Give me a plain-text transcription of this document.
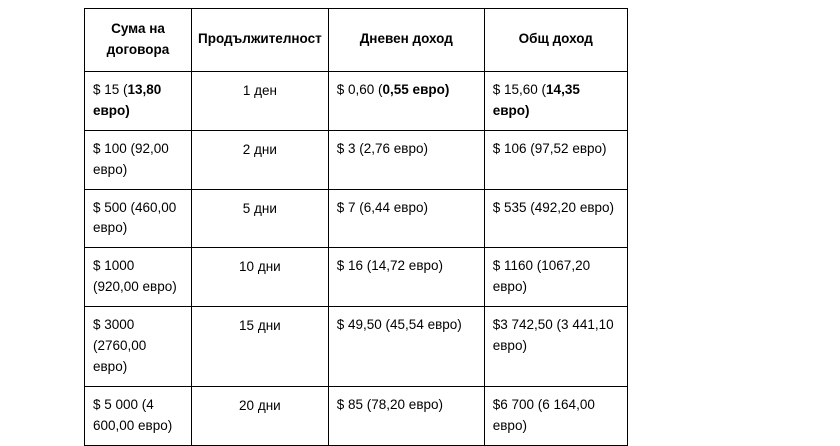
Сума на договора	Продължителност	Дневен доход	Общ доход
$ 15 (13,80 евро)	1 ден	$ 0,60 (0,55 евро)	$ 15,60 (14,35 евро)
$ 100 (92,00 евро)	2 дни	$ 3 (2,76 евро)	$ 106 (97,52 евро)
$ 500 (460,00 евро)	5 дни	$ 7 (6,44 евро)	$ 535 (492,20 евро)
$ 1000 (920,00 евро)	10 дни	$ 16 (14,72 евро)	$ 1160 (1067,20 евро)
$ 3000 (2760,00 евро)	15 дни	$ 49,50 (45,54 евро)	$3 742,50 (3 441,10 евро)
$ 5 000 (4 600,00 евро)	20 дни	$ 85 (78,20 евро)	$6 700 (6 164,00 евро)
